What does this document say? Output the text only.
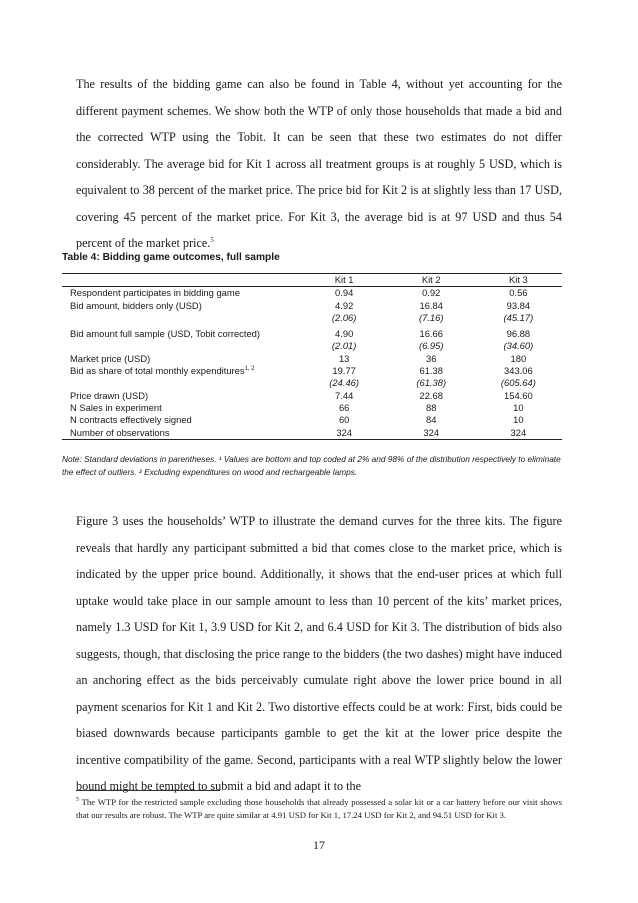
The results of the bidding game can also be found in Table 4, without yet accounting for the different payment schemes. We show both the WTP of only those households that made a bid and the corrected WTP using the Tobit. It can be seen that these two estimates do not differ considerably. The average bid for Kit 1 across all treatment groups is at roughly 5 USD, which is equivalent to 38 percent of the market price. The price bid for Kit 2 is at slightly less than 17 USD, covering 45 percent of the market price. For Kit 3, the average bid is at 97 USD and thus 54 percent of the market price.$^5$

Table 4: Bidding game outcomes, full sample

	Kit 1	Kit 2	Kit 3
Respondent participates in bidding game	0.94	0.92	0.56
Bid amount, bidders only (USD)	4.92	16.84	93.84
	(2.06)	(7.16)	(45.17)

Bid amount full sample (USD, Tobit corrected)	4.90	16.66	96.88
	(2.01)	(6.95)	(34.60)
Market price (USD)	13	36	180
Bid as share of total monthly expenditures$^{1, 2}$	19.77	61.38	343.06
	(24.46)	(61.38)	(605.64)
Price drawn (USD)	7.44	22.68	154.60
N Sales in experiment	66	88	10
N contracts effectively signed	60	84	10
Number of observations	324	324	324

Note: Standard deviations in parentheses. ¹ Values are bottom and top coded at 2% and 98% of the distribution respectively to eliminate the effect of outliers. ² Excluding expenditures on wood and rechargeable lamps.

Figure 3 uses the households’ WTP to illustrate the demand curves for the three kits. The figure reveals that hardly any participant submitted a bid that comes close to the market price, which is indicated by the upper price bound. Additionally, it shows that the end-user prices at which full uptake would take place in our sample amount to less than 10 percent of the kits’ market prices, namely 1.3 USD for Kit 1, 3.9 USD for Kit 2, and 6.4 USD for Kit 3. The distribution of bids also suggests, though, that disclosing the price range to the bidders (the two dashes) might have induced an anchoring effect as the bids perceivably cumulate right above the lower price bound in all payment scenarios for Kit 1 and Kit 2. Two distortive effects could be at work: First, bids could be biased downwards because participants gamble to get the kit at the lower price despite the incentive compatibility of the game. Second, participants with a real WTP slightly below the lower bound might be tempted to submit a bid and adapt it to the

$^5$ The WTP for the restricted sample excluding those households that already possessed a solar kit or a car battery before our visit shows that our results are robust. The WTP are quite similar at 4.91 USD for Kit 1, 17.24 USD for Kit 2, and 94.51 USD for Kit 3.

17
